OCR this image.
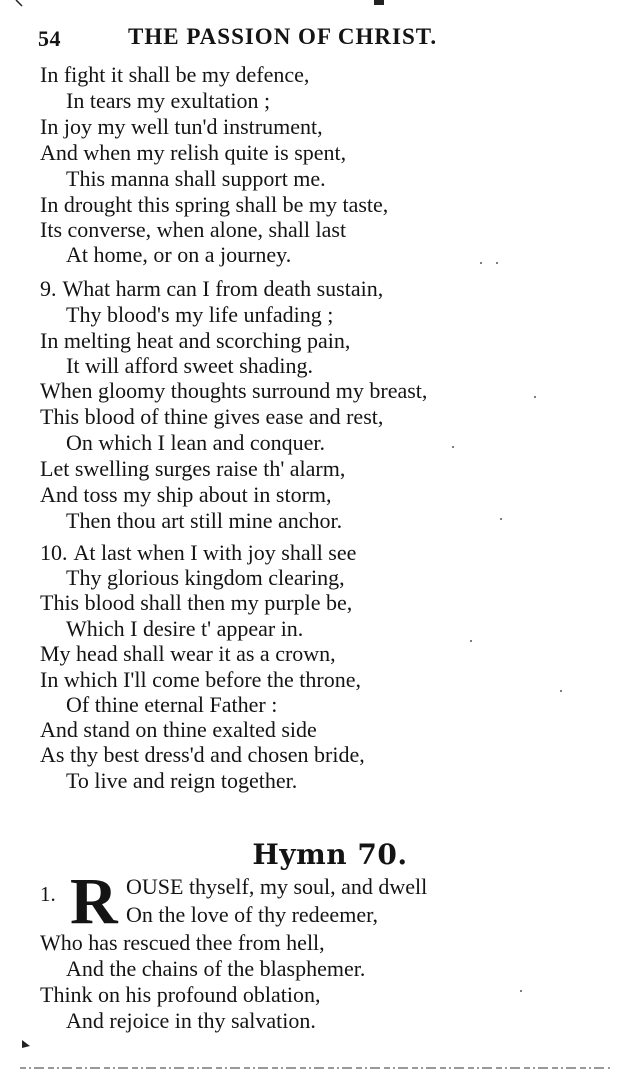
54	THE PASSION OF CHRIST.
In fight it shall be my defence,
In tears my exultation ;
In joy my well tun'd instrument,
And when my relish quite is spent,
This manna shall support me.
In drought this spring shall be my taste,
Its converse, when alone, shall last
At home, or on a journey.
9. What harm can I from death sustain,
Thy blood's my life unfading ;
In melting heat and scorching pain,
It will afford sweet shading.
When gloomy thoughts surround my breast,
This blood of thine gives ease and rest,
On which I lean and conquer.
Let swelling surges raise th' alarm,
And toss my ship about in storm,
Then thou art still mine anchor.
10. At last when I with joy shall see
Thy glorious kingdom clearing,
This blood shall then my purple be,
Which I desire t' appear in.
My head shall wear it as a crown,
In which I'll come before the throne,
Of thine eternal Father :
And stand on thine exalted side
As thy best dress'd and chosen bride,
To live and reign together.
Hymn 70.
1. R OUSE thyself, my soul, and dwell
On the love of thy redeemer,
Who has rescued thee from hell,
And the chains of the blasphemer.
Think on his profound oblation,
And rejoice in thy salvation.
